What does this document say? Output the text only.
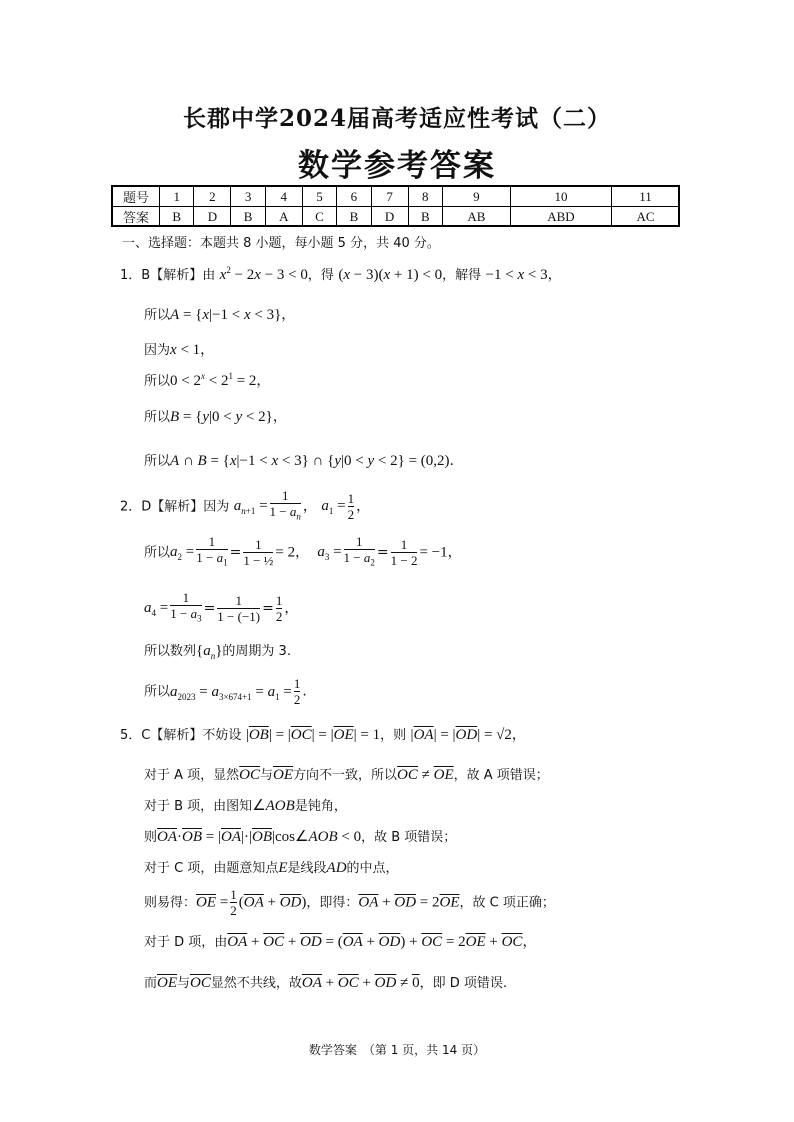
长郡中学2024届高考适应性考试（二）
数学参考答案
题号	1	2	3	4	5	6	7	8	9	10	11
答案	B	D	B	A	C	B	D	B	AB	ABD	AC
一、选择题：本题共 8 小题，每小题 5 分，共 40 分。
1．B【解析】由 $x^2 - 2x - 3 < 0$，得 (x − 3)(x + 1) < 0，解得 −1 < x < 3，
所以A = {x|−1 < x < 3}，
因为x < 1，
所以$0 < 2^x < 2^1 = 2$，
所以B = {y|0 < y < 2}，
所以A ∩ B = {x|−1 < x < 3} ∩ {y|0 < y < 2} = (0,2).
2．D【解析】因为 $a_{n+1} = \frac{1}{1 - a_n}$ ， $a_1 = \frac{1}{2}$ ，
所以$a_2 = \frac{1}{1 - a_1} = \frac{1}{\text{1 − ½}} = 2$，  $a_3 = \frac{1}{1 - a_2} = \frac{1}{1 - 2} = -1$，
$a_4 = \frac{1}{1 - a_3} = \frac{1}{1 - (-1)} = \frac{1}{2}$ ，
所以数列$\{a_n\}$的周期为 3.
所以$a_{2023} = a_{3\times 674+1} = a_1 = \frac{1}{2}$ .
5．C【解析】不妨设 $|\overline{OB}| = |\overline{OC}| = |\overline{OE}| = 1$，则 $|\overline{OA}| = |\overline{OD}| = √2$，
对于 A 项，显然$\overline{OC}$与$\overline{OE}$方向不一致，所以$\overline{OC} \ne \overline{OE}$，故 A 项错误；
对于 B 项，由图知∠AOB是钝角，
则$\overline{OA}\cdot\overline{OB}$ = $|\overline{OA}|\cdot|\overline{OB}|\cos\angle AOB < 0$，故 B 项错误；
对于 C 项，由题意知点E是线段AD的中点，
则易得：$\overline{OE} = \frac{1}{2} (\overline{OA} + \overline{OD})$，即得：$\overline{OA} + \overline{OD} = 2\overline{OE}$，故 C 项正确；
对于 D 项，由$\overline{OA} + \overline{OC} + \overline{OD} = (\overline{OA} + \overline{OD}) + \overline{OC} = 2\overline{OE} + \overline{OC}$，
而$\overline{OE}$与$\overline{OC}$显然不共线，故$\overline{OA} + \overline{OC} + \overline{OD} \ne 0$，即 D 项错误.
数学答案　（第 1 页，共 14 页）
